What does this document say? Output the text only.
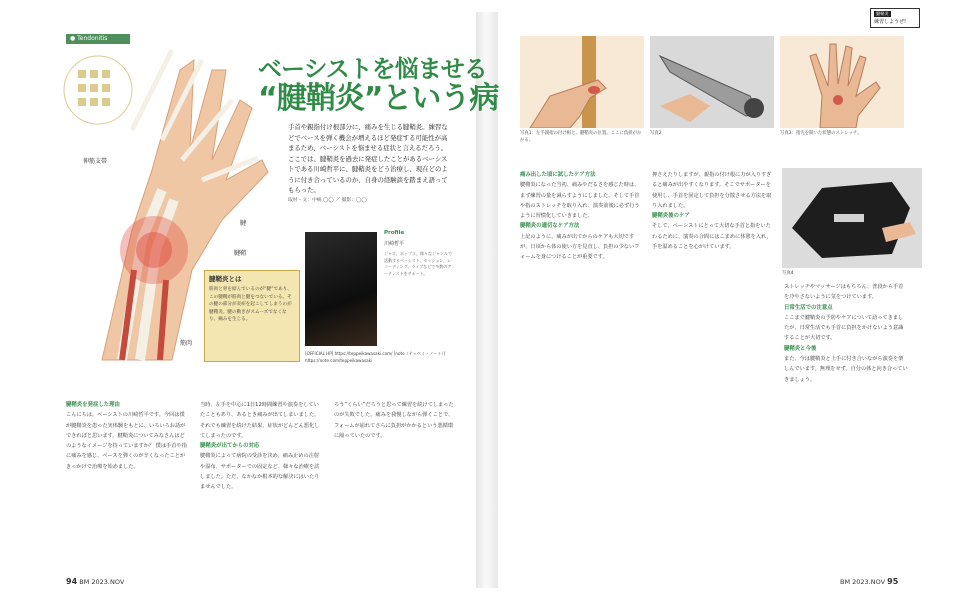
● Tendonitis
伸筋支帯
腱
腱鞘
筋肉
ベーシストを悩ませる
“腱鞘炎”という病
手首や親指付け根部分に、痛みを生じる腱鞘炎。練習などでベースを弾く機会が増えるほど発症する可能性が高まるため、ベーシストを悩ませる症状と言えるだろう。ここでは、腱鞘炎を過去に発症したことがあるベーシストである川崎哲平に、腱鞘炎をどう治療し、現在どのように付き合っているのか、自身の経験談を踏まえ語ってもらった。
取材・文：中嶋 ◯◯ ／ 撮影：◯◯
腱鞘炎とは
筋肉と骨を結んでいるのが“腱”であり、この腱鞘が筋肉と腱をつないでいる。その腱の部分が炎症を起こしてしまうのが腱鞘炎。腱の動きがスムーズでなくなり、痛みを生じる。
Profile
川崎哲平
ジャズ、ポップス、様々なジャンルで活動するベーシスト。セッション、レコーディング、ライブなどで多数のアーティストをサポート。
[OFFICIAL HP] https://teppeikawasaki.com/ [note（テッペイ・ノート）] https://note.com/teppeikawasaki
腱鞘炎を発症した理由
こんにちは。ベーシストの川崎哲平です。今回は僕が腱鞘炎を患った実体験をもとに、いろいろお話ができればと思います。腱鞘炎についてみなさんはどのようなイメージを持っていますか？ 僕は手首や指に痛みを感じ、ベースを弾くのが辛くなったことがきっかけで治療を始めました。
当時、左手を中心に1日12時間練習や演奏をしていたこともあり、あるとき痛みが出てしまいました。それでも練習を続けた結果、症状がどんどん悪化してしまったのです。
腱鞘炎が出てからの対応
腱鞘炎によって病院の受診を決め、痛み止めの注射や湿布、サポーターでの固定など、様々な治療を試しました。ただ、なかなか根本的な解決にはいたりませんでした。
ろう“くらい”だろうと思って練習を続けてしまったのが失敗でした。痛みを我慢しながら弾くことで、フォームが崩れてさらに負担がかかるという悪循環に陥っていたのです。
94 BM 2023.NOV
腱鞘炎
練習しようぜ!
写真1：左手親指の付け根と、腱鞘炎の位置。ここに負担がかかる。
写真2	写真3：指先を開いた状態のストレッチ。
痛み出した頃に試したケア方法
腱鞘炎になった当初、痛みやだるさを感じた時は、まず練習の量を減らすようにしました。そして手首や指のストレッチを取り入れ、演奏前後に必ず行うように習慣化していきました。
腱鞘炎の適切なケア方法
上記のように、痛みが出てからのケアも大切ですが、日頃から体の使い方を見直し、負担の少ないフォームを身につけることが重要です。
押さえたりしますが、親指の付け根に力が入りすぎると痛みが出やすくなります。そこでサポーターを使用し、手首を固定して負担を分散させる方法を取り入れました。
腱鞘炎後のケア
そして、ベーシストにとって大切な手首と指をいたわるために、演奏の合間にはこまめに休憩を入れ、手を温めることを心がけています。
写真4
ストレッチやマッサージはもちろん、普段から手首を冷やさないように気をつけています。
日常生活での注意点
ここまで腱鞘炎の予防やケアについて語ってきましたが、日常生活でも手首に負担をかけないよう意識することが大切です。
腱鞘炎と今後
また、今は腱鞘炎と上手に付き合いながら演奏を楽しんでいます。無理をせず、自分の体と向き合っていきましょう。
BM 2023.NOV 95
